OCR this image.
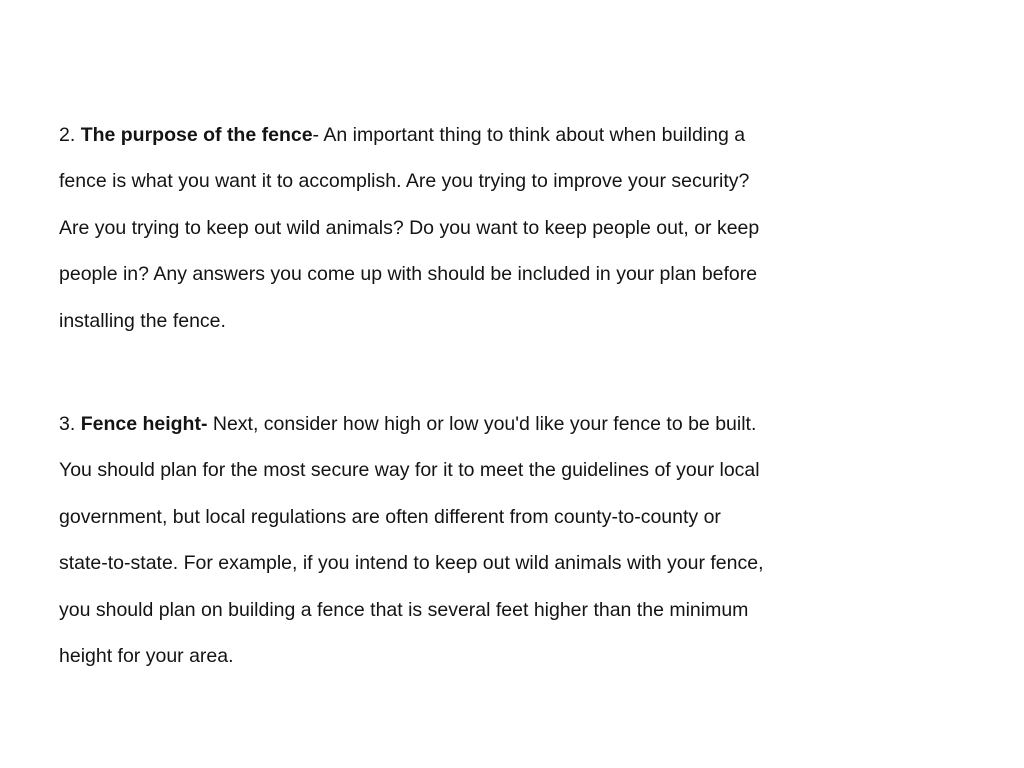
2. The purpose of the fence- An important thing to think about when building a
fence is what you want it to accomplish. Are you trying to improve your security?
Are you trying to keep out wild animals? Do you want to keep people out, or keep
people in? Any answers you come up with should be included in your plan before
installing the fence.
3. Fence height- Next, consider how high or low you'd like your fence to be built.
You should plan for the most secure way for it to meet the guidelines of your local
government, but local regulations are often different from county-to-county or
state-to-state. For example, if you intend to keep out wild animals with your fence,
you should plan on building a fence that is several feet higher than the minimum
height for your area.
